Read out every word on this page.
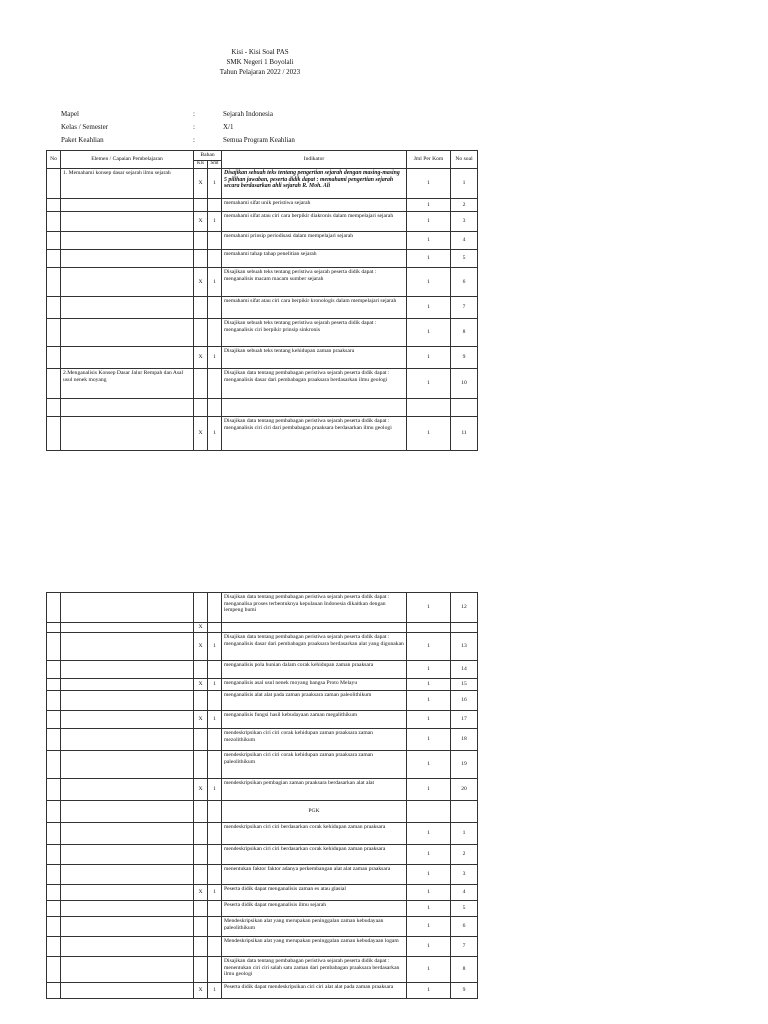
Kisi - Kisi Soal PAS
SMK Negeri 1 Boyolali
Tahun Pelajaran 2022 / 2023
Mapel	:	Sejarah Indonesia
Kelas / Semester	:	X/1
Paket Keahlian	:	Semua Program Keahlian
No	Elemen / Capaian Pembelajaran	Bahan		Indikator	Jml Per Kom	No soal
		Kls	Smt			
	1. Memahami konsep dasar sejarah ilmu sejarah	X	1	Disajikan sebuah teks tentang pengertian sejarah dengan masing-masing 5 pilihan jawaban, peserta didik dapat : memahami pengertian sejarah secara berdasarkan ahli sejarah R. Moh. Ali	1	1
				memahami sifat unik peristiwa sejarah	1	2
		X	1	memahami sifat atau ciri cara berpikir diakronis dalam mempelajari sejarah	1	3
				memahami prinsip periodisasi dalam mempelajari sejarah	1	4
				memahami tahap tahap penelitian sejarah	1	5
		X	1	Disajikan sebuah teks tentang peristiwa sejarah peserta didik dapat : menganalisis macam macam sumber sejarah	1	6
				memahami sifat atau ciri cara berpikir kronologis dalam mempelajari sejarah	1	7
				Disajikan sebuah teks tentang peristiwa sejarah peserta didik dapat : menganalisis ciri berpikir prinsip sinkronis	1	8
		X	1	Disajikan sebuah teks tentang kehidupan zaman praaksara	1	9
	2.Menganalisis Konsep Dasar Jalur Rempah dan Asal usul nenek moyang			Disajikan data tentang pembabagan peristiwa sejarah peserta didik dapat : menganalisis dasar dari pembabagan praaksara berdasarkan ilmu geologi	1	10

		X	1	Disajikan data tentang pembabagan peristiwa sejarah peserta didik dapat : menganalisis ciri ciri dari pembabagan praaksara berdasarkan ilmu geologi	1	11
				Disajikan data tentang pembabagan peristiwa sejarah peserta didik dapat : menganalisa proses terbentuknya kepulauan Indonesia dikaitkan dengan lempeng bumi	1	12
		X				
		X	1	Disajikan data tentang pembabagan peristiwa sejarah peserta didik dapat : menganalisis dasar dari pembabagan praaksara berdasarkan alat yang digunakan	1	13
				menganalisis pola hunian dalam corak kehidupan zaman praaksara	1	14
		X	1	menganalisis asal usul nenek moyang bangsa Proto Melayu	1	15
				menganalisis alat alat pada zaman praaksara zaman paleolithikum	1	16
		X	1	menganalisis fungsi hasil kebudayaan zaman megalithikum	1	17
				mendeskripsikan ciri ciri corak kehidupan zaman praaksara zaman mezolithikum	1	18
				mendeskripsikan ciri ciri corak kehidupan zaman praaksara zaman paleolithikum	1	19
		X	1	mendeskripsikan pembagian zaman praaksara berdasarkan alat alat	1	20
				PGK		
				mendeskripsikan ciri ciri berdasarkan corak kehidupan zaman praaksara	1	1
				mendeskripsikan ciri ciri berdasarkan corak kehidupan zaman praaksara	1	2
				menentukan faktor faktor adanya perkembangan alat alat zaman praaksara	1	3
		X	1	Peserta didik dapat menganalisis zaman es atau glasial	1	4
				Peserta didik dapat menganalisis ilmu sejarah	1	5
				Mendeskripsikan alat yang merupakan peninggalan zaman kebudayaan paleolithikum	1	6
				Mendeskripsikan alat yang merupakan peninggalan zaman kebudayaan logam	1	7
				Disajikan data tentang pembabagan peristiwa sejarah peserta didik dapat : menentukan ciri ciri salah satu zaman dari pembabagan praaksara berdasarkan ilmu geologi	1	8
		X	1	Peserta didik dapat mendeskripsikan ciri ciri alat alat pada zaman praaksara	1	9
